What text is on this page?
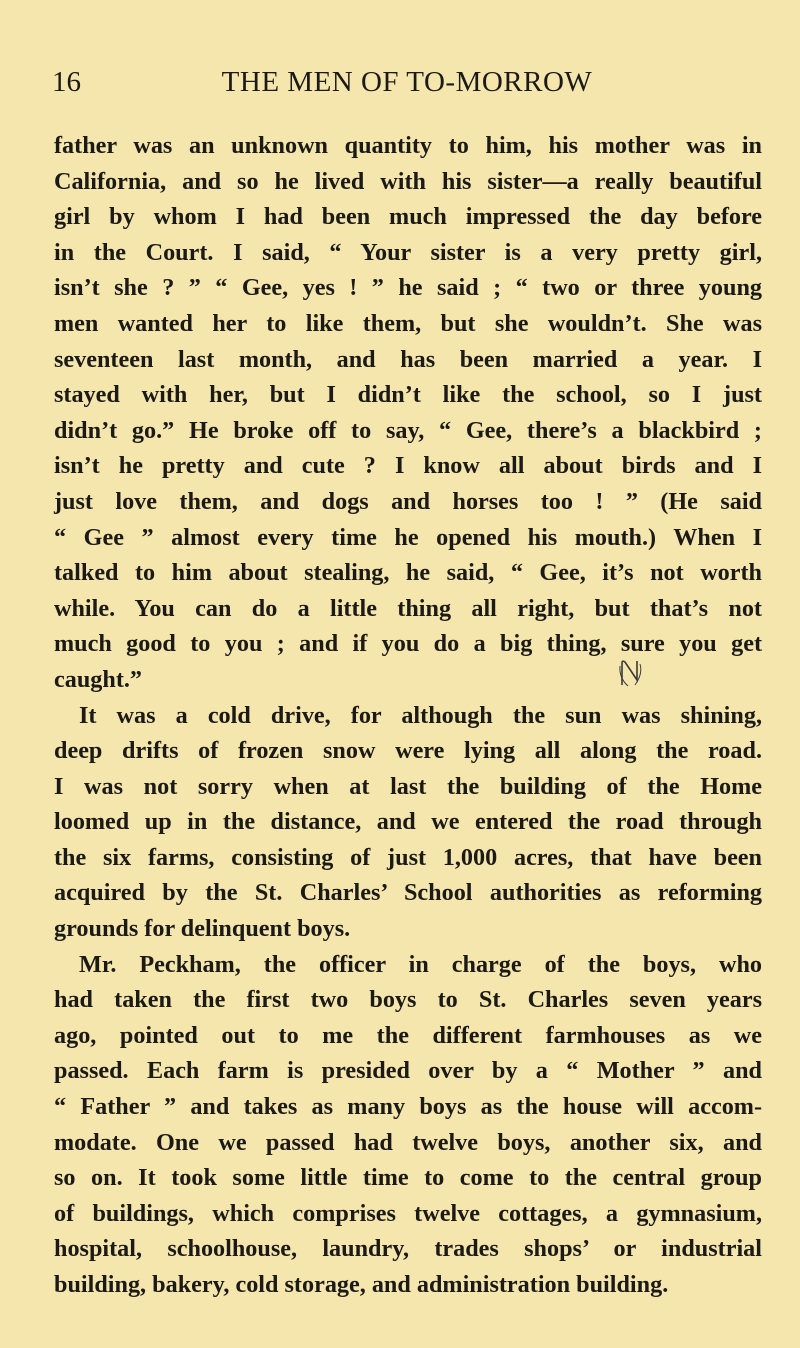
16	THE MEN OF TO-MORROW
father was an unknown quantity to him, his mother was in
California, and so he lived with his sister—a really beautiful
girl by whom I had been much impressed the day before
in the Court. I said, “ Your sister is a very pretty girl,
isn’t she ? ” “ Gee, yes ! ” he said ; “ two or three young
men wanted her to like them, but she wouldn’t. She was
seventeen last month, and has been married a year. I
stayed with her, but I didn’t like the school, so I just
didn’t go.” He broke off to say, “ Gee, there’s a blackbird ;
isn’t he pretty and cute ? I know all about birds and I
just love them, and dogs and horses too ! ” (He said
“ Gee ” almost every time he opened his mouth.) When I
talked to him about stealing, he said, “ Gee, it’s not worth
while. You can do a little thing all right, but that’s not
much good to you ; and if you do a big thing, sure you get
caught.”
It was a cold drive, for although the sun was shining,
deep drifts of frozen snow were lying all along the road.
I was not sorry when at last the building of the Home
loomed up in the distance, and we entered the road through
the six farms, consisting of just 1,000 acres, that have been
acquired by the St. Charles’ School authorities as reforming
grounds for delinquent boys.
Mr. Peckham, the officer in charge of the boys, who
had taken the first two boys to St. Charles seven years
ago, pointed out to me the different farmhouses as we
passed. Each farm is presided over by a “ Mother ” and
“ Father ” and takes as many boys as the house will accom-
modate. One we passed had twelve boys, another six, and
so on. It took some little time to come to the central group
of buildings, which comprises twelve cottages, a gymnasium,
hospital, schoolhouse, laundry, trades shops’ or industrial
building, bakery, cold storage, and administration building.
